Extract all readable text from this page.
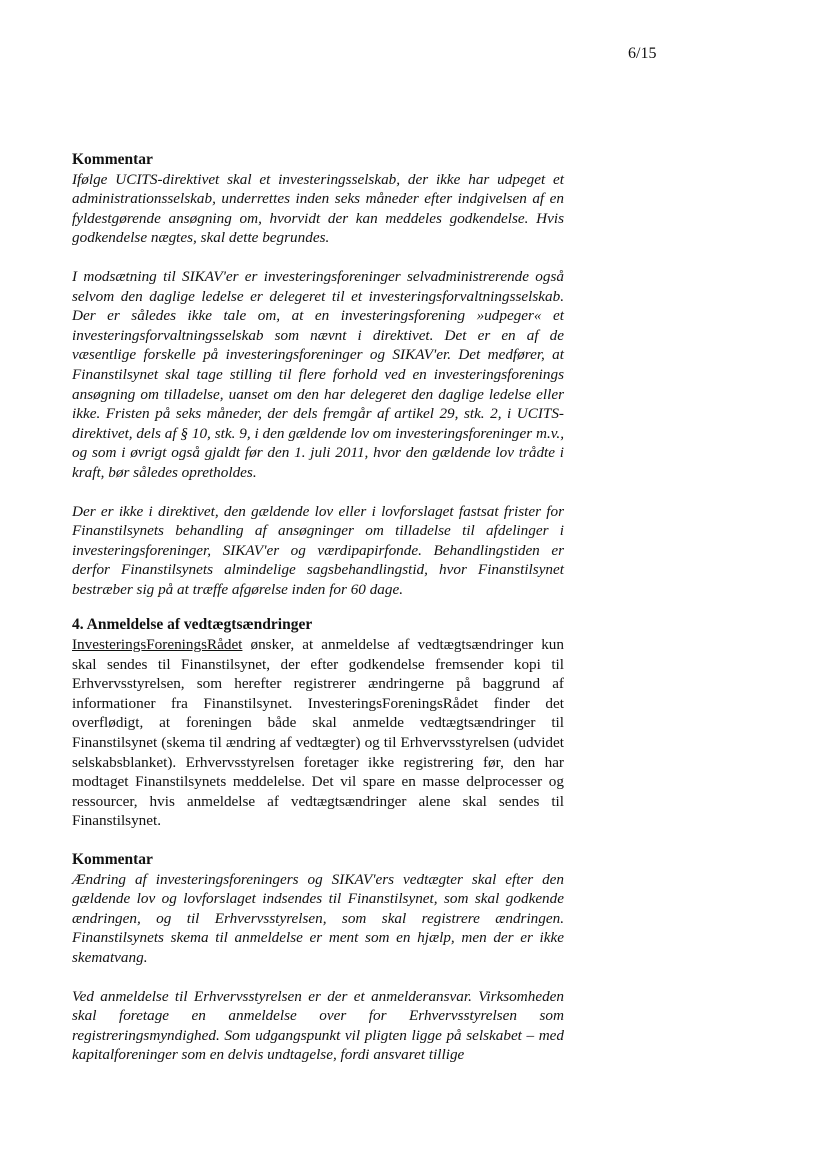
6/15

Kommentar

Ifølge UCITS-direktivet skal et investeringsselskab, der ikke har udpeget et administrationsselskab, underrettes inden seks måneder efter indgivelsen af en fyldestgørende ansøgning om, hvorvidt der kan meddeles godkendelse. Hvis godkendelse nægtes, skal dette begrundes.

I modsætning til SIKAV'er er investeringsforeninger selvadministrerende også selvom den daglige ledelse er delegeret til et investeringsforvaltningsselskab. Der er således ikke tale om, at en investeringsforening »udpeger« et investeringsforvaltningsselskab som nævnt i direktivet. Det er en af de væsentlige forskelle på investeringsforeninger og SIKAV'er. Det medfører, at Finanstilsynet skal tage stilling til flere forhold ved en investeringsforenings ansøgning om tilladelse, uanset om den har delegeret den daglige ledelse eller ikke. Fristen på seks måneder, der dels fremgår af artikel 29, stk. 2, i UCITS-direktivet, dels af § 10, stk. 9, i den gældende lov om investeringsforeninger m.v., og som i øvrigt også gjaldt før den 1. juli 2011, hvor den gældende lov trådte i kraft, bør således opretholdes.

Der er ikke i direktivet, den gældende lov eller i lovforslaget fastsat frister for Finanstilsynets behandling af ansøgninger om tilladelse til afdelinger i investeringsforeninger, SIKAV'er og værdipapirfonde. Behandlingstiden er derfor Finanstilsynets almindelige sagsbehandlingstid, hvor Finanstilsynet bestræber sig på at træffe afgørelse inden for 60 dage.

4. Anmeldelse af vedtægtsændringer

InvesteringsForeningsRådet ønsker, at anmeldelse af vedtægtsændringer kun skal sendes til Finanstilsynet, der efter godkendelse fremsender kopi til Erhvervsstyrelsen, som herefter registrerer ændringerne på baggrund af informationer fra Finanstilsynet. InvesteringsForeningsRådet finder det overflødigt, at foreningen både skal anmelde vedtægtsændringer til Finanstilsynet (skema til ændring af vedtægter) og til Erhvervsstyrelsen (udvidet selskabsblanket). Erhvervsstyrelsen foretager ikke registrering før, den har modtaget Finanstilsynets meddelelse. Det vil spare en masse delprocesser og ressourcer, hvis anmeldelse af vedtægtsændringer alene skal sendes til Finanstilsynet.

Kommentar

Ændring af investeringsforeningers og SIKAV'ers vedtægter skal efter den gældende lov og lovforslaget indsendes til Finanstilsynet, som skal godkende ændringen, og til Erhvervsstyrelsen, som skal registrere ændringen. Finanstilsynets skema til anmeldelse er ment som en hjælp, men der er ikke skematvang.

Ved anmeldelse til Erhvervsstyrelsen er der et anmelderansvar. Virksomheden skal foretage en anmeldelse over for Erhvervsstyrelsen som registreringsmyndighed. Som udgangspunkt vil pligten ligge på selskabet – med kapitalforeninger som en delvis undtagelse, fordi ansvaret tillige
